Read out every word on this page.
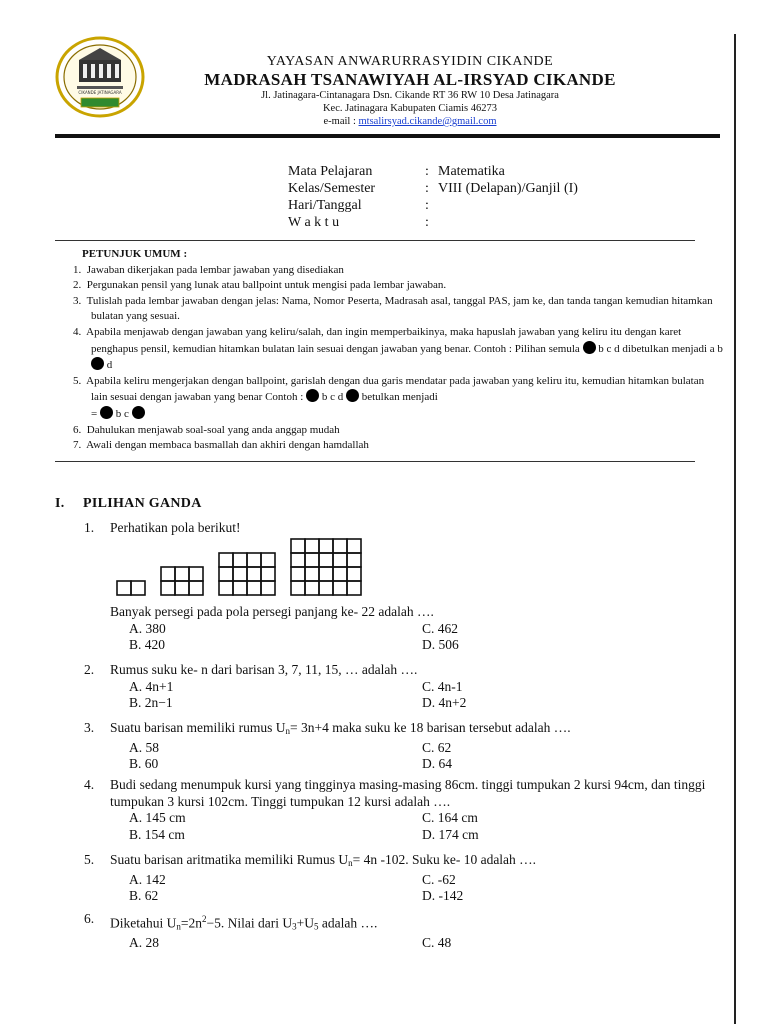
CIKANDE JATINAGARA
YAYASAN ANWARURRASYIDIN CIKANDE
MADRASAH TSANAWIYAH AL-IRSYAD CIKANDE
Jl. Jatinagara-Cintanagara Dsn. Cikande RT 36 RW 10 Desa Jatinagara
Kec. Jatinagara Kabupaten Ciamis 46273
e-mail : mtsalirsyad.cikande@gmail.com
Mata Pelajaran	: Matematika
Kelas/Semester	: VIII (Delapan)/Ganjil (I)
Hari/Tanggal	:
W a k t u	:
PETUNJUK UMUM :
1.  Jawaban dikerjakan pada lembar jawaban yang disediakan
2.  Pergunakan pensil yang lunak atau ballpoint untuk mengisi pada lembar jawaban.
3.  Tulislah pada lembar jawaban dengan jelas: Nama, Nomor Peserta, Madrasah asal, tanggal PAS, jam ke, dan tanda tangan kemudian hitamkan bulatan yang sesuai.
4.  Apabila menjawab dengan jawaban yang keliru/salah, dan ingin memperbaikinya, maka hapuslah jawaban yang keliru itu dengan karet penghapus pensil, kemudian hitamkan bulatan lain sesuai dengan jawaban yang benar. Contoh : Pilihan semula b c d dibetulkan menjadi a b  d
5.  Apabila keliru mengerjakan dengan ballpoint, garislah dengan dua garis mendatar pada jawaban yang keliru itu, kemudian hitamkan bulatan lain sesuai dengan jawaban yang benar Contoh : b c d betulkan menjadi
=  b c
6.  Dahulukan menjawab soal-soal yang anda anggap mudah
7.  Awali dengan membaca basmallah dan akhiri dengan hamdallah
I. PILIHAN GANDA
1. Perhatikan pola berikut!
Banyak persegi pada pola persegi panjang ke- 22 adalah ….
A. 380	C. 462
B. 420	D. 506
2. Rumus suku ke- n dari barisan 3, 7, 11, 15, … adalah ….
A. 4n+1	C. 4n-1
B. 2n−1	D. 4n+2
3. Suatu barisan memiliki rumus $U_n= 3n+4$ maka suku ke 18 barisan tersebut adalah ….
A. 58	C. 62
B. 60	D. 64
4. Budi sedang menumpuk kursi yang tingginya masing-masing 86cm. tinggi tumpukan 2 kursi 94cm, dan tinggi tumpukan 3 kursi 102cm. Tinggi tumpukan 12 kursi adalah ….
A. 145 cm	C. 164 cm
B. 154 cm	D. 174 cm
5. Suatu barisan aritmatika memiliki Rumus $U_n= 4n$ -102. Suku ke- 10 adalah ….
A. 142	C. -62
B. 62	D. -142
6. Diketahui $U_n=2n^2-5$. Nilai dari $U_3+U_5$ adalah ….
A. 28	C. 48
